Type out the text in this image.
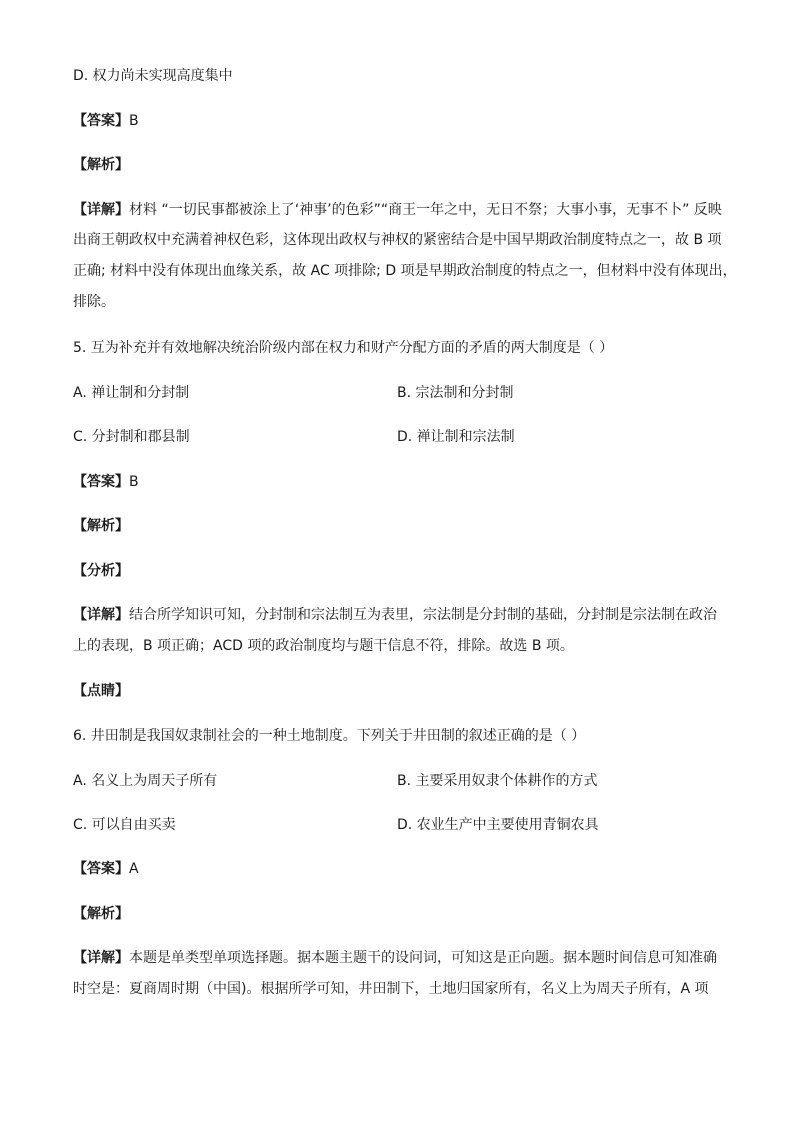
D. 权力尚未实现高度集中
【答案】B
【解析】
【详解】材料 “一切民事都被涂上了‘神事’的色彩”“商王一年之中，无日不祭；大事小事，无事不卜” 反映
出商王朝政权中充满着神权色彩，这体现出政权与神权的紧密结合是中国早期政治制度特点之一，故 B 项
正确; 材料中没有体现出血缘关系，故 AC 项排除; D 项是早期政治制度的特点之一，但材料中没有体现出，
排除。
5. 互为补充并有效地解决统治阶级内部在权力和财产分配方面的矛盾的两大制度是（ ）
A. 禅让制和分封制	B. 宗法制和分封制
C. 分封制和郡县制	D. 禅让制和宗法制
【答案】B
【解析】
【分析】
【详解】结合所学知识可知，分封制和宗法制互为表里，宗法制是分封制的基础，分封制是宗法制在政治
上的表现，B 项正确；ACD 项的政治制度均与题干信息不符，排除。故选 B 项。
【点睛】
6. 井田制是我国奴隶制社会的一种土地制度。下列关于井田制的叙述正确的是（ ）
A. 名义上为周天子所有	B. 主要采用奴隶个体耕作的方式
C. 可以自由买卖	D. 农业生产中主要使用青铜农具
【答案】A
【解析】
【详解】本题是单类型单项选择题。据本题主题干的设问词，可知这是正向题。据本题时间信息可知准确
时空是：夏商周时期（中国)。根据所学可知，井田制下，土地归国家所有，名义上为周天子所有，A 项
